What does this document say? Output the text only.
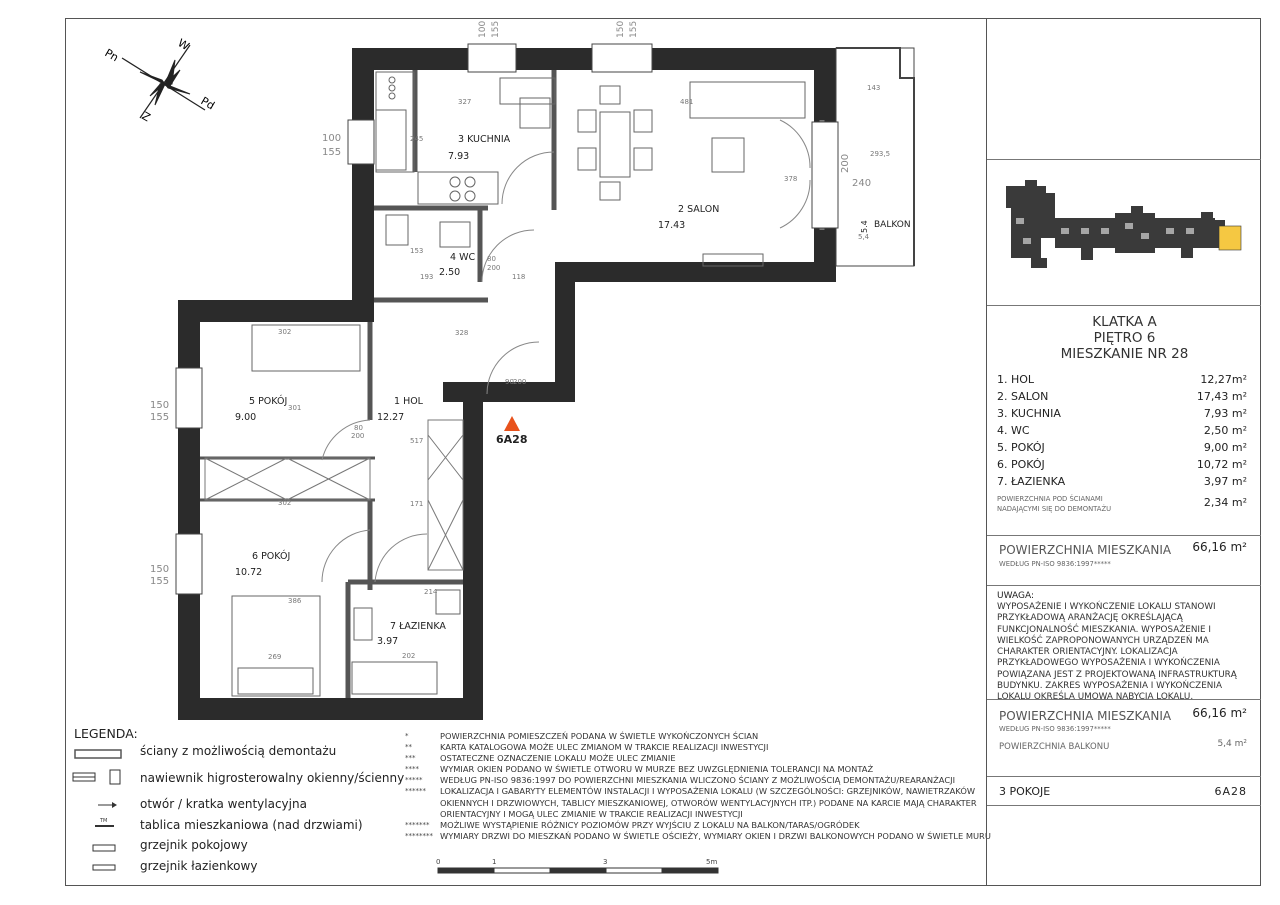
Pn
W
Pd
Z
3 KUCHNIA
7.93
2 SALON
17.43
4 WC
2.50
1 HOL
12.27
5 POKÓJ
9.00
6 POKÓJ
10.72
7 ŁAZIENKA
3.97
BALKON
5.4
6A28
100 155	150 155
100
155
200
240
150
155
150
155
327	481
143
245
378
293,5
153
193	118
80
200
328
302
301
517
302	171
386
269
214
202
90 200
80
200
5,4
LEGENDA:
TM
ściany z możliwością demontażu
nawiewnik higrosterowalny okienny/ścienny
otwór / kratka wentylacyjna
tablica mieszkaniowa (nad drzwiami)
grzejnik pokojowy
grzejnik łazienkowy
*	POWIERZCHNIA POMIESZCZEŃ PODANA W ŚWIETLE WYKOŃCZONYCH ŚCIAN
**	KARTA KATALOGOWA MOŻE ULEC ZMIANOM W TRAKCIE REALIZACJI INWESTYCJI
***	OSTATECZNE OZNACZENIE LOKALU MOŻE ULEC ZMIANIE
****	WYMIAR OKIEN PODANO W ŚWIETLE OTWORU W MURZE BEZ UWZGLĘDNIENIA TOLERANCJI NA MONTAŻ
***** WEDŁUG PN-ISO 9836:1997 DO POWIERZCHNI MIESZKANIA WLICZONO ŚCIANY Z MOŻLIWOŚCIĄ DEMONTAŻU/REARANŻACJI
****** LOKALIZACJA I GABARYTY ELEMENTÓW INSTALACJI I WYPOSAŻENIA LOKALU (W SZCZEGÓLNOŚCI: GRZEJNIKÓW, NAWIETRZAKÓW
OKIENNYCH I DRZWIOWYCH, TABLICY MIESZKANIOWEJ, OTWORÓW WENTYLACYJNYCH ITP.) PODANE NA KARCIE MAJĄ CHARAKTER
ORIENTACYJNY I MOGĄ ULEC ZMIANIE W TRAKCIE REALIZACJI INWESTYCJI
******* MOŻLIWE WYSTĄPIENIE RÓŻNICY POZIOMÓW PRZY WYJŚCIU Z LOKALU NA BALKON/TARAS/OGRÓDEK
******** WYMIARY DRZWI DO MIESZKAŃ PODANO W ŚWIETLE OŚCIEŻY, WYMIARY OKIEN I DRZWI BALKONOWYCH PODANO W ŚWIETLE MURU
0	1	3	5m
KLATKA A
PIĘTRO 6
MIESZKANIE NR 28
1. HOL	12,27m²
2. SALON	17,43 m²
3. KUCHNIA	7,93 m²
4. WC	2,50 m²
5. POKÓJ	9,00 m²
6. POKÓJ	10,72 m²
7. ŁAZIENKA	3,97 m²
POWIERZCHNIA POD ŚCIANAMI
NADAJĄCYMI SIĘ DO DEMONTAŻU	2,34 m²
POWIERZCHNIA MIESZKANIA 66,16 m²
WEDŁUG PN-ISO 9836:1997*****
UWAGA:
WYPOSAŻENIE I WYKOŃCZENIE LOKALU STANOWI PRZYKŁADOWĄ ARANŻACJĘ OKREŚLAJĄCĄ FUNKCJONALNOŚĆ MIESZKANIA. WYPOSAŻENIE I WIELKOŚĆ ZAPROPONOWANYCH URZĄDZEŃ MA CHARAKTER ORIENTACYJNY. LOKALIZACJA PRZYKŁADOWEGO WYPOSAŻENIA I WYKOŃCZENIA POWIĄZANA JEST Z PROJEKTOWANĄ INFRASTRUKTURĄ BUDYNKU. ZAKRES WYPOSAŻENIA I WYKOŃCZENIA LOKALU OKREŚLA UMOWA NABYCIA LOKALU.
POWIERZCHNIA MIESZKANIA 66,16 m²
WEDŁUG PN-ISO 9836:1997*****
POWIERZCHNIA BALKONU	5,4 m²
3 POKOJE	6A28
